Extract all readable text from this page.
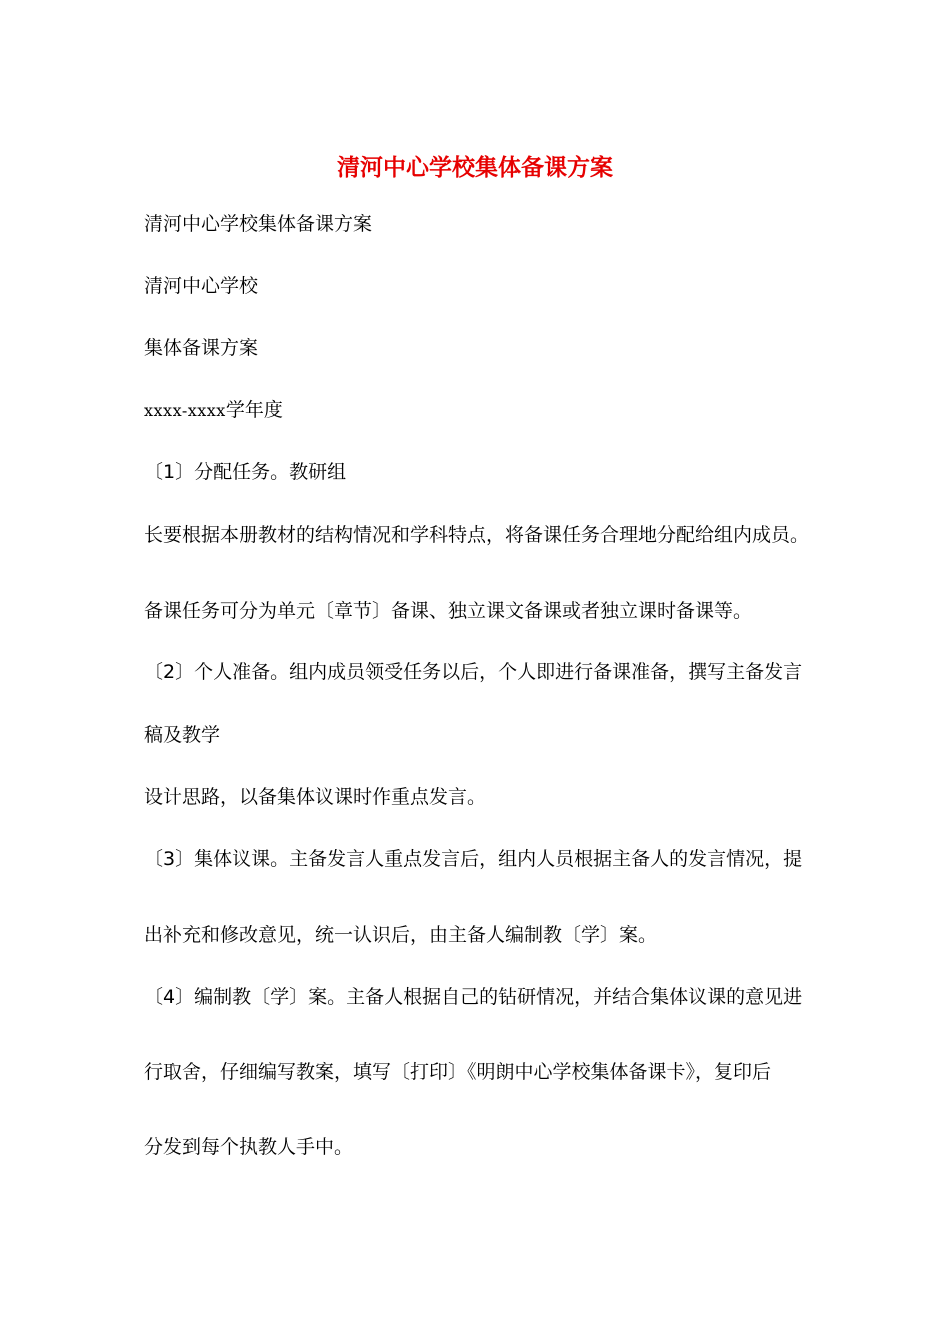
清河中心学校集体备课方案
清河中心学校集体备课方案
清河中心学校
集体备课方案
xxxx-xxxx学年度
〔1〕分配任务。教研组
长要根据本册教材的结构情况和学科特点，将备课任务合理地分配给组内成员。
备课任务可分为单元〔章节〕备课、独立课文备课或者独立课时备课等。
〔2〕个人准备。组内成员领受任务以后，个人即进行备课准备，撰写主备发言
稿及教学
设计思路，以备集体议课时作重点发言。
〔3〕集体议课。主备发言人重点发言后，组内人员根据主备人的发言情况，提
出补充和修改意见，统一认识后，由主备人编制教〔学〕案。
〔4〕编制教〔学〕案。主备人根据自己的钻研情况，并结合集体议课的意见进
行取舍，仔细编写教案，填写〔打印〕《明朗中心学校集体备课卡》，复印后
分发到每个执教人手中。
